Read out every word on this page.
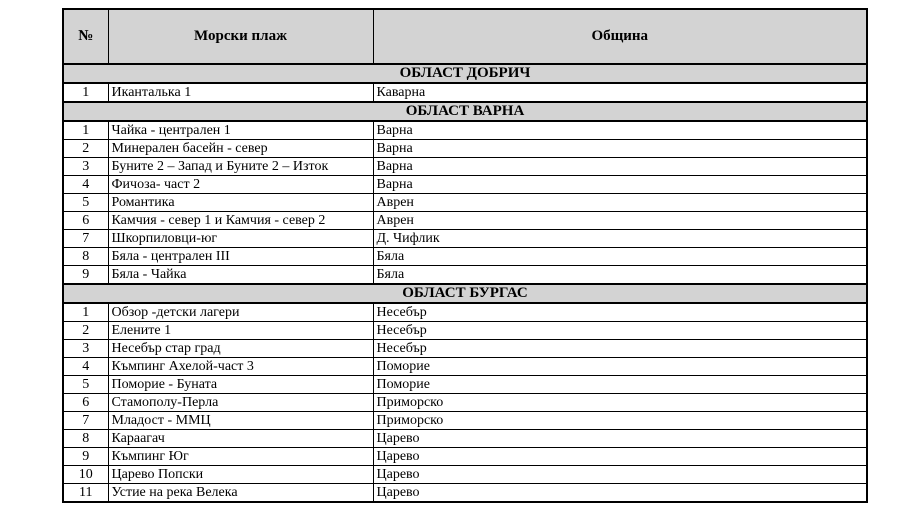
№	Морски плаж	Община
ОБЛАСТ ДОБРИЧ		
1	Иканталька 1	Каварна
ОБЛАСТ ВАРНА		
1	Чайка - централен 1	Варна
2	Минерален басейн - север	Варна
3	Буните 2 – Запад и Буните 2 – Изток	Варна
4	Фичоза- част 2	Варна
5	Романтика	Аврен
6	Камчия - север 1 и Камчия - север 2	Аврен
7	Шкорпиловци-юг	Д. Чифлик
8	Бяла - централен III	Бяла
9	Бяла - Чайка	Бяла
ОБЛАСТ БУРГАС		
1	Обзор -детски лагери	Несебър
2	Елените 1	Несебър
3	Несебър стар град	Несебър
4	Къмпинг Ахелой-част 3	Поморие
5	Поморие - Буната	Поморие
6	Стамополу-Перла	Приморско
7	Младост - ММЦ	Приморско
8	Караагач	Царево
9	Къмпинг Юг	Царево
10	Царево Попски	Царево
11	Устие на река Велека	Царево
